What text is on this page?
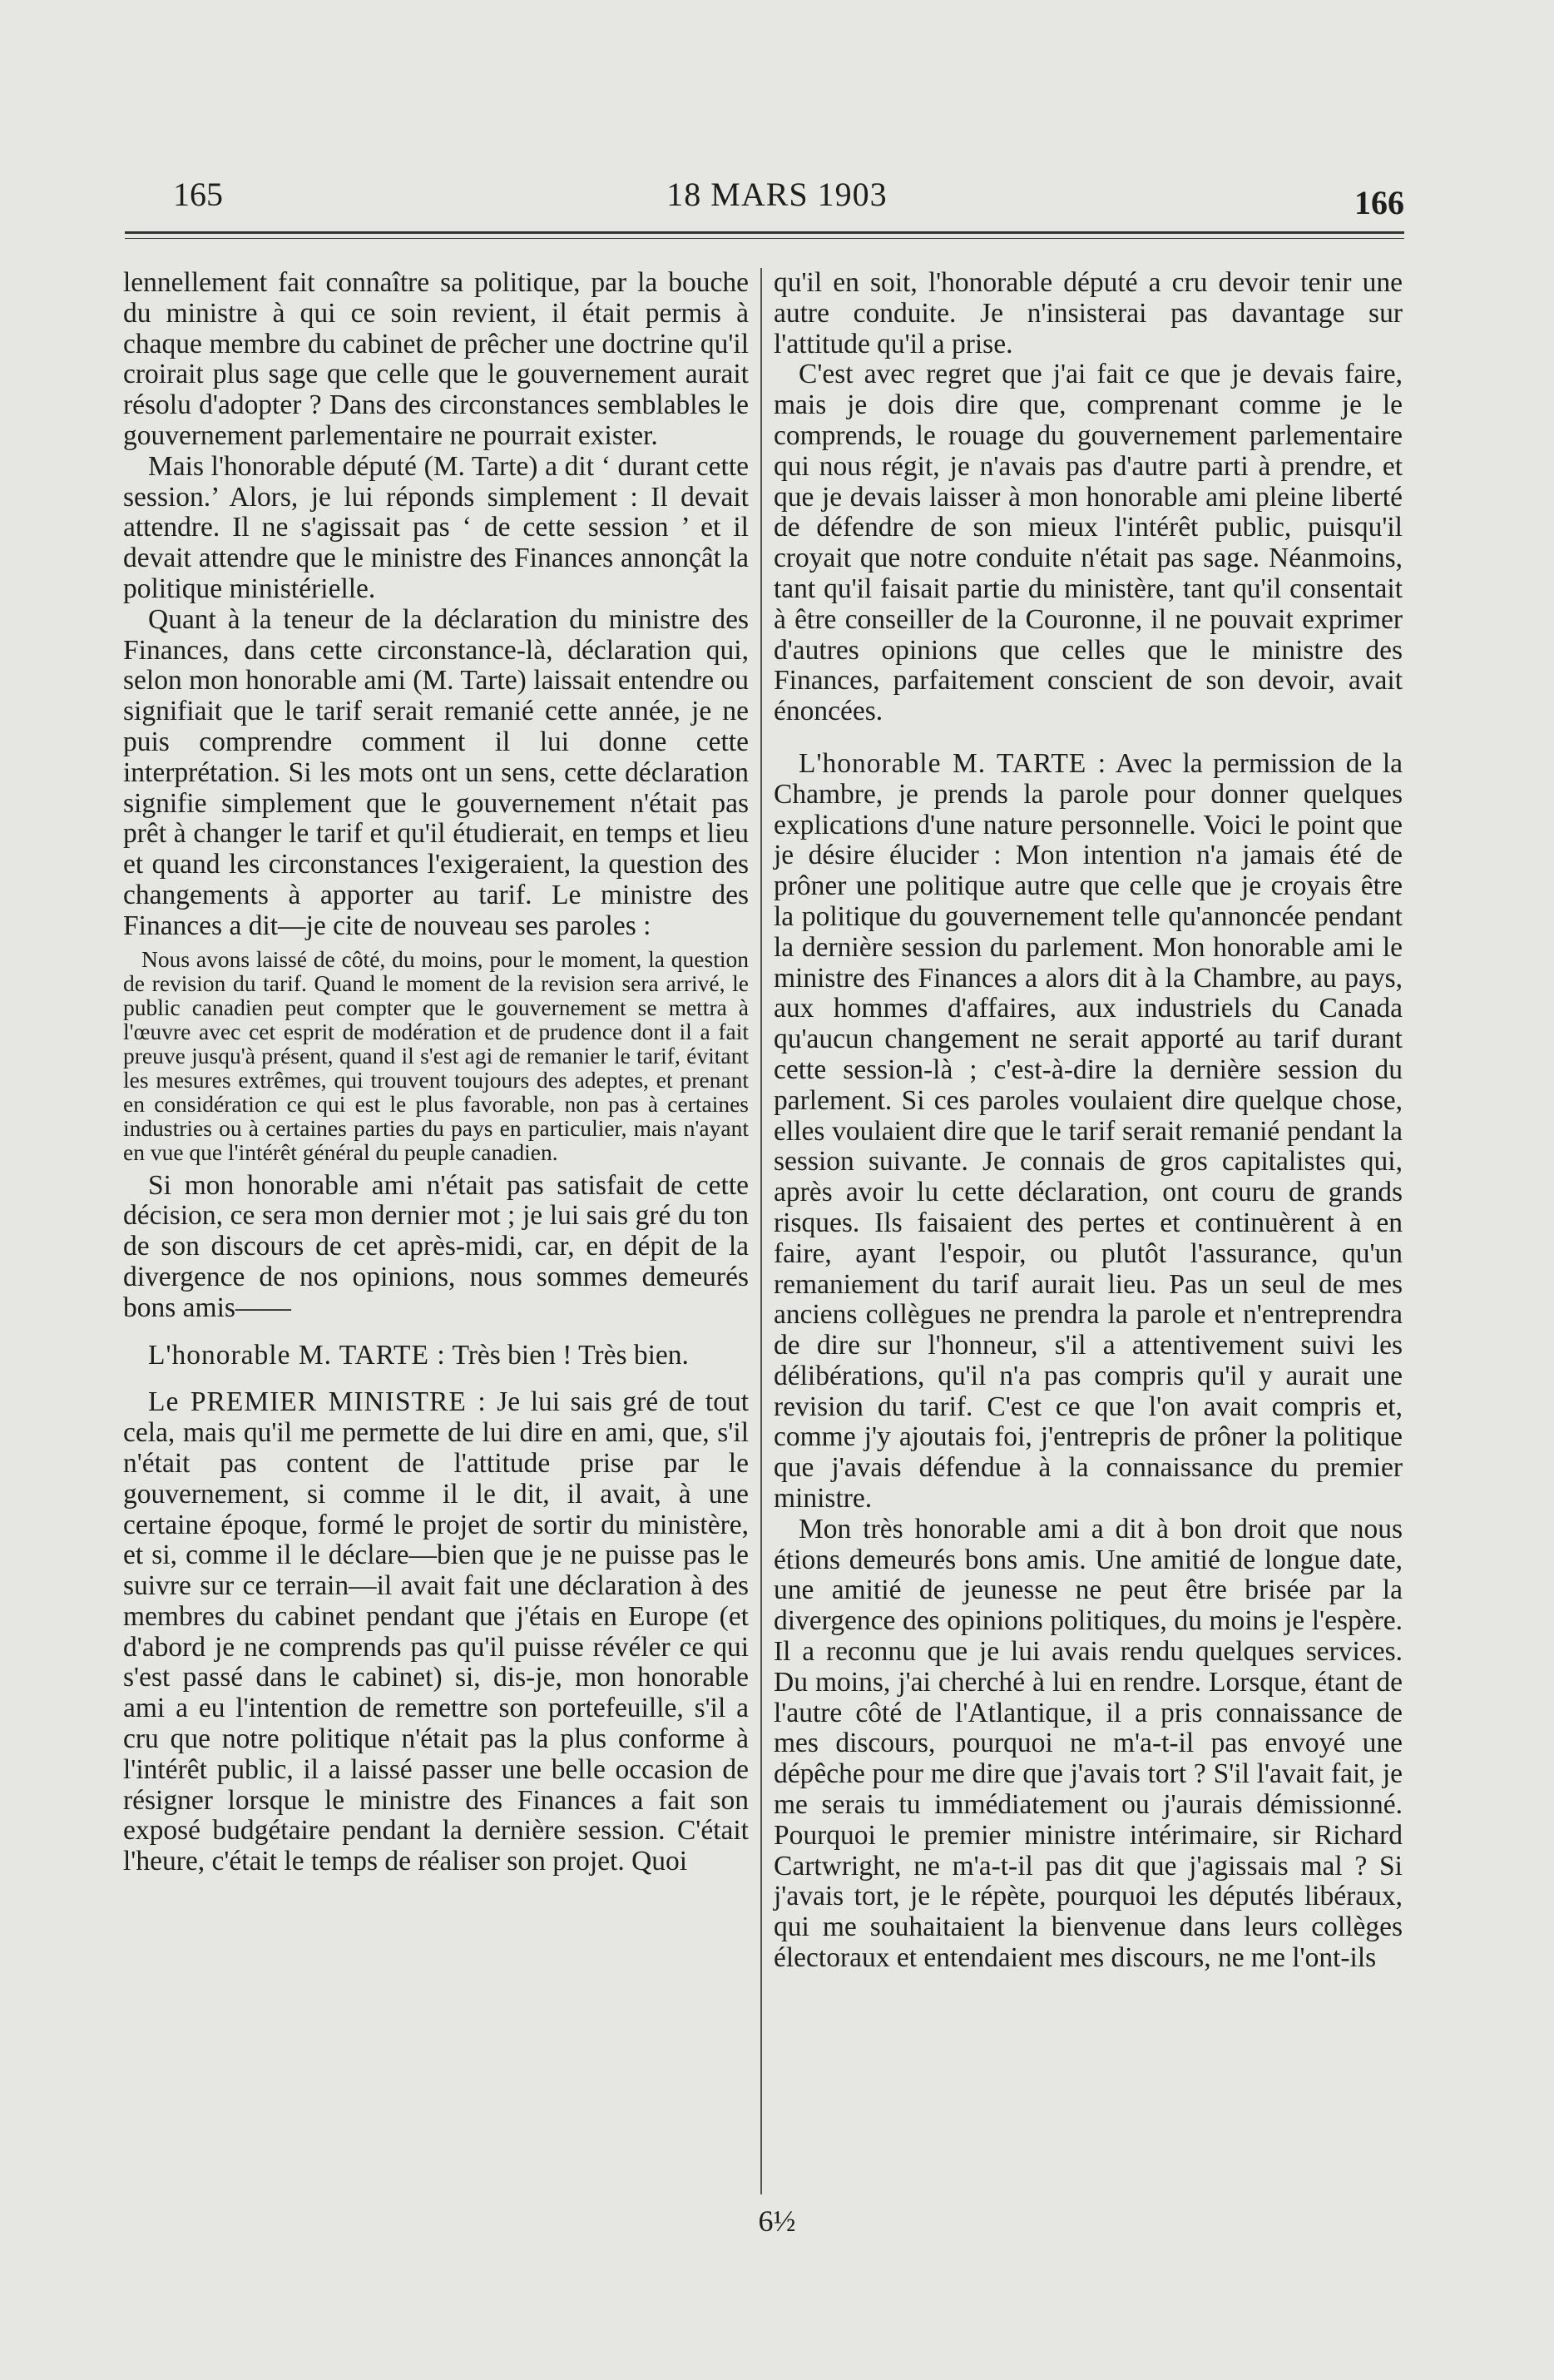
165	18 MARS 1903	166

lennellement fait connaître sa politique, par la bouche du ministre à qui ce soin revient, il était permis à chaque membre du cabinet de prêcher une doctrine qu'il croirait plus sage que celle que le gouvernement aurait résolu d'adopter ? Dans des circonstances semblables le gouvernement parlementaire ne pourrait exister.

Mais l'honorable député (M. Tarte) a dit ‘ durant cette session.’ Alors, je lui réponds simplement : Il devait attendre. Il ne s'agissait pas ‘ de cette session ’ et il devait attendre que le ministre des Finances annonçât la politique ministérielle.

Quant à la teneur de la déclaration du ministre des Finances, dans cette circonstance-là, déclaration qui, selon mon honorable ami (M. Tarte) laissait entendre ou signifiait que le tarif serait remanié cette année, je ne puis comprendre comment il lui donne cette interprétation. Si les mots ont un sens, cette déclaration signifie simplement que le gouvernement n'était pas prêt à changer le tarif et qu'il étudierait, en temps et lieu et quand les circonstances l'exigeraient, la question des changements à apporter au tarif. Le ministre des Finances a dit—je cite de nouveau ses paroles :

Nous avons laissé de côté, du moins, pour le moment, la question de revision du tarif. Quand le moment de la revision sera arrivé, le public canadien peut compter que le gouvernement se mettra à l'œuvre avec cet esprit de modération et de prudence dont il a fait preuve jusqu'à présent, quand il s'est agi de remanier le tarif, évitant les mesures extrêmes, qui trouvent toujours des adeptes, et prenant en considération ce qui est le plus favorable, non pas à certaines industries ou à certaines parties du pays en particulier, mais n'ayant en vue que l'intérêt général du peuple canadien.

Si mon honorable ami n'était pas satisfait de cette décision, ce sera mon dernier mot ; je lui sais gré du ton de son discours de cet après-midi, car, en dépit de la divergence de nos opinions, nous sommes demeurés bons amis——

L'honorable M. TARTE : Très bien ! Très bien.

Le PREMIER MINISTRE : Je lui sais gré de tout cela, mais qu'il me permette de lui dire en ami, que, s'il n'était pas content de l'attitude prise par le gouvernement, si comme il le dit, il avait, à une certaine époque, formé le projet de sortir du ministère, et si, comme il le déclare—bien que je ne puisse pas le suivre sur ce terrain—il avait fait une déclaration à des membres du cabinet pendant que j'étais en Europe (et d'abord je ne comprends pas qu'il puisse révéler ce qui s'est passé dans le cabinet) si, dis-je, mon honorable ami a eu l'intention de remettre son portefeuille, s'il a cru que notre politique n'était pas la plus conforme à l'intérêt public, il a laissé passer une belle occasion de résigner lorsque le ministre des Finances a fait son exposé budgétaire pendant la dernière session. C'était l'heure, c'était le temps de réaliser son projet. Quoi

qu'il en soit, l'honorable député a cru devoir tenir une autre conduite. Je n'insisterai pas davantage sur l'attitude qu'il a prise.

C'est avec regret que j'ai fait ce que je devais faire, mais je dois dire que, comprenant comme je le comprends, le rouage du gouvernement parlementaire qui nous régit, je n'avais pas d'autre parti à prendre, et que je devais laisser à mon honorable ami pleine liberté de défendre de son mieux l'intérêt public, puisqu'il croyait que notre conduite n'était pas sage. Néanmoins, tant qu'il faisait partie du ministère, tant qu'il consentait à être conseiller de la Couronne, il ne pouvait exprimer d'autres opinions que celles que le ministre des Finances, parfaitement conscient de son devoir, avait énoncées.

L'honorable M. TARTE : Avec la permission de la Chambre, je prends la parole pour donner quelques explications d'une nature personnelle. Voici le point que je désire élucider : Mon intention n'a jamais été de prôner une politique autre que celle que je croyais être la politique du gouvernement telle qu'annoncée pendant la dernière session du parlement. Mon honorable ami le ministre des Finances a alors dit à la Chambre, au pays, aux hommes d'affaires, aux industriels du Canada qu'aucun changement ne serait apporté au tarif durant cette session-là ; c'est-à-dire la dernière session du parlement. Si ces paroles voulaient dire quelque chose, elles voulaient dire que le tarif serait remanié pendant la session suivante. Je connais de gros capitalistes qui, après avoir lu cette déclaration, ont couru de grands risques. Ils faisaient des pertes et continuèrent à en faire, ayant l'espoir, ou plutôt l'assurance, qu'un remaniement du tarif aurait lieu. Pas un seul de mes anciens collègues ne prendra la parole et n'entreprendra de dire sur l'honneur, s'il a attentivement suivi les délibérations, qu'il n'a pas compris qu'il y aurait une revision du tarif. C'est ce que l'on avait compris et, comme j'y ajoutais foi, j'entrepris de prôner la politique que j'avais défendue à la connaissance du premier ministre.

Mon très honorable ami a dit à bon droit que nous étions demeurés bons amis. Une amitié de longue date, une amitié de jeunesse ne peut être brisée par la divergence des opinions politiques, du moins je l'espère. Il a reconnu que je lui avais rendu quelques services. Du moins, j'ai cherché à lui en rendre. Lorsque, étant de l'autre côté de l'Atlantique, il a pris connaissance de mes discours, pourquoi ne m'a-t-il pas envoyé une dépêche pour me dire que j'avais tort ? S'il l'avait fait, je me serais tu immédiatement ou j'aurais démissionné. Pourquoi le premier ministre intérimaire, sir Richard Cartwright, ne m'a-t-il pas dit que j'agissais mal ? Si j'avais tort, je le répète, pourquoi les députés libéraux, qui me souhaitaient la bienvenue dans leurs collèges électoraux et entendaient mes discours, ne me l'ont-ils

6½
